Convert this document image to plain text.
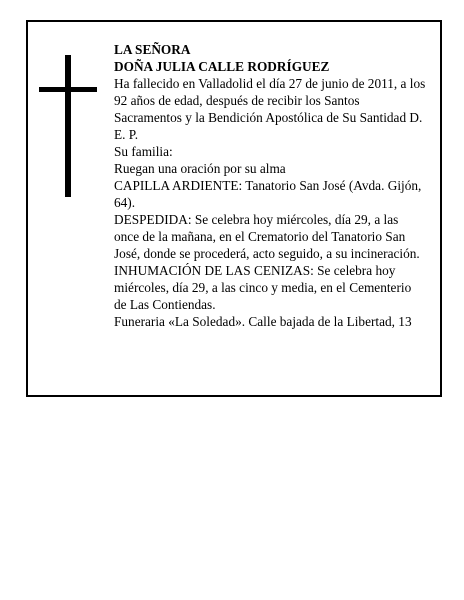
LA SEÑORA

DOÑA JULIA CALLE RODRÍGUEZ

Ha fallecido en Valladolid el día 27 de junio de 2011, a los 92 años de edad, después de recibir los Santos Sacramentos y la Bendición Apostólica de Su Santidad D. E. P.

Su familia:

Ruegan una oración por su alma

CAPILLA ARDIENTE: Tanatorio San José (Avda. Gijón, 64).

DESPEDIDA: Se celebra hoy miércoles, día 29, a las once de la mañana, en el Crematorio del Tanatorio San José, donde se procederá, acto seguido, a su incineración.

INHUMACIÓN DE LAS CENIZAS: Se celebra hoy miércoles, día 29, a las cinco y media, en el Cementerio de Las Contiendas.

Funeraria «La Soledad». Calle bajada de la Libertad, 13
